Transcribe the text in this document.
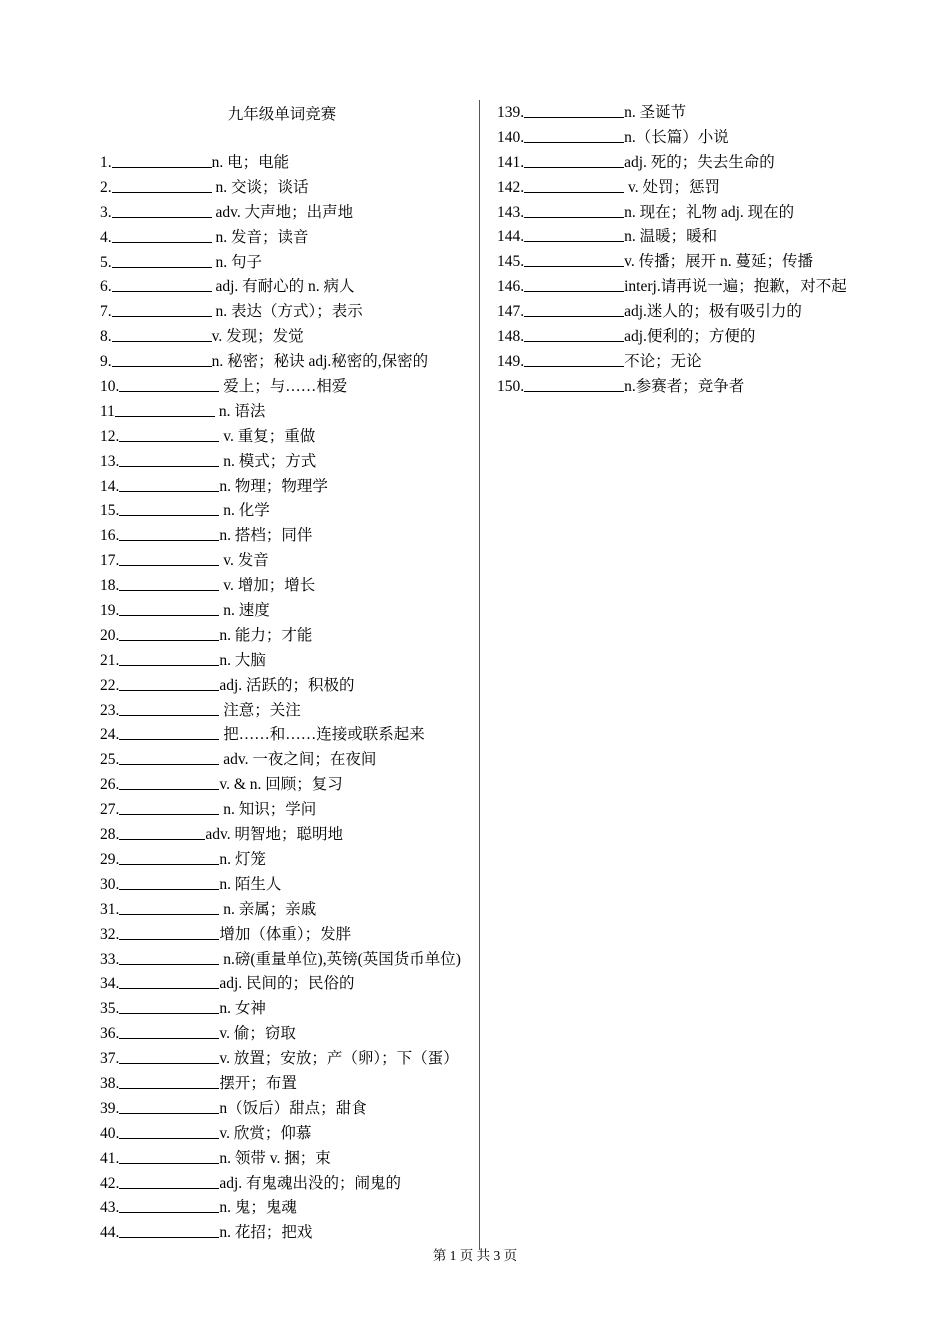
九年级单词竞赛
1.	n. 电；电能
2.	n. 交谈；谈话
3.	adv. 大声地；出声地
4.	n. 发音；读音
5.	n. 句子
6.	adj. 有耐心的 n. 病人
7.	n. 表达（方式）；表示
8.	v. 发现；发觉
9.	n. 秘密；秘诀 adj.秘密的,保密的
10.	爱上；与……相爱
11	n. 语法
12.	v. 重复；重做
13.	n. 模式；方式
14.	n. 物理；物理学
15.	n. 化学
16.	n. 搭档；同伴
17.	v. 发音
18.	v. 增加；增长
19.	n. 速度
20.	n. 能力；才能
21.	n. 大脑
22.	adj. 活跃的；积极的
23.	注意；关注
24.	把……和……连接或联系起来
25.	adv. 一夜之间；在夜间
26.	v. & n. 回顾；复习
27.	n. 知识；学问
28.	adv. 明智地；聪明地
29.	n. 灯笼
30.	n. 陌生人
31.	n. 亲属；亲戚
32.	增加（体重）；发胖
33.	n.磅(重量单位),英镑(英国货币单位)
34.	adj. 民间的；民俗的
35.	n. 女神
36.	v. 偷；窃取
37.	v. 放置；安放；产（卵）；下（蛋）
38.	摆开；布置
39.	n（饭后）甜点；甜食
40.	v. 欣赏；仰慕
41.	n. 领带 v. 捆；束
42.	adj. 有鬼魂出没的；闹鬼的
43.	n. 鬼；鬼魂
44.	n. 花招；把戏
139.	n. 圣诞节
140.	n.（长篇）小说
141.	adj. 死的；失去生命的
142.	v. 处罚；惩罚
143.	n. 现在；礼物 adj. 现在的
144.	n. 温暖；暖和
145.	v. 传播；展开 n. 蔓延；传播
146.	interj.请再说一遍；抱歉，对不起
147.	adj.迷人的；极有吸引力的
148.	adj.便利的；方便的
149.	不论；无论
150.	n.参赛者；竞争者
第 1 页 共 3 页
